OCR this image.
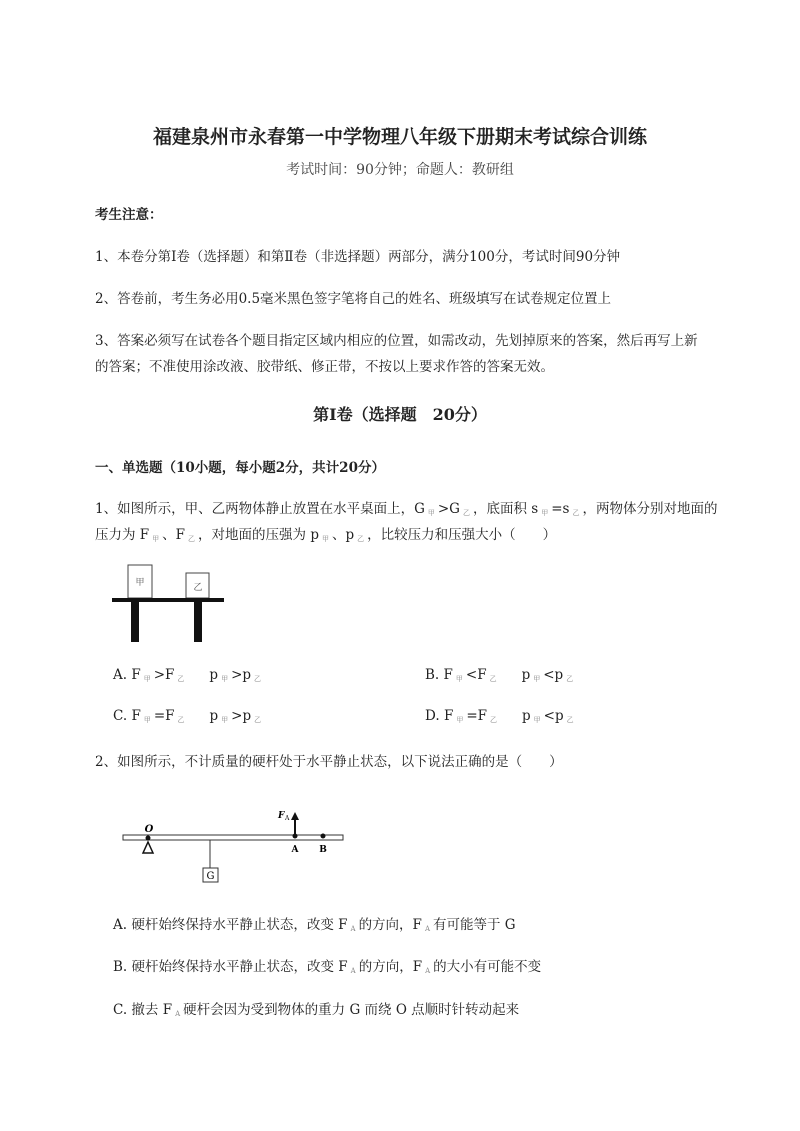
福建泉州市永春第一中学物理八年级下册期末考试综合训练
考试时间：90分钟；命题人：教研组
考生注意：
1、本卷分第Ⅰ卷（选择题）和第Ⅱ卷（非选择题）两部分，满分100分，考试时间90分钟
2、答卷前，考生务必用0.5毫米黑色签字笔将自己的姓名、班级填写在试卷规定位置上
3、答案必须写在试卷各个题目指定区域内相应的位置，如需改动，先划掉原来的答案，然后再写上新
的答案；不准使用涂改液、胶带纸、修正带，不按以上要求作答的答案无效。
第Ⅰ卷（选择题　20分）
一、单选题（10小题，每小题2分，共计20分）
1、如图所示，甲、乙两物体静止放置在水平桌面上，G $_甲$ >G $_乙$ ，底面积 s $_甲$ =s $_乙$ ，两物体分别对地面的
压力为 F $_甲$ 、F $_乙$ ，对地面的压强为 p $_甲$ 、p $_乙$ ，比较压力和压强大小（　　）
甲	乙
A. F $_甲$ >F $_乙$ p $_甲$ >p $_乙$	B. F $_甲$ <F $_乙$ p $_甲$ <p $_乙$
C. F $_甲$ =F $_乙$ p $_甲$ >p $_乙$	D. F $_甲$ =F $_乙$ p $_甲$ <p $_乙$
2、如图所示，不计质量的硬杆处于水平静止状态，以下说法正确的是（　　）
O
G
F A
A B
A. 硬杆始终保持水平静止状态，改变 F $_A$ 的方向，F $_A$ 有可能等于 G
B. 硬杆始终保持水平静止状态，改变 F $_A$ 的方向，F $_A$ 的大小有可能不变
C. 撤去 F $_A$ 硬杆会因为受到物体的重力 G 而绕 O 点顺时针转动起来
